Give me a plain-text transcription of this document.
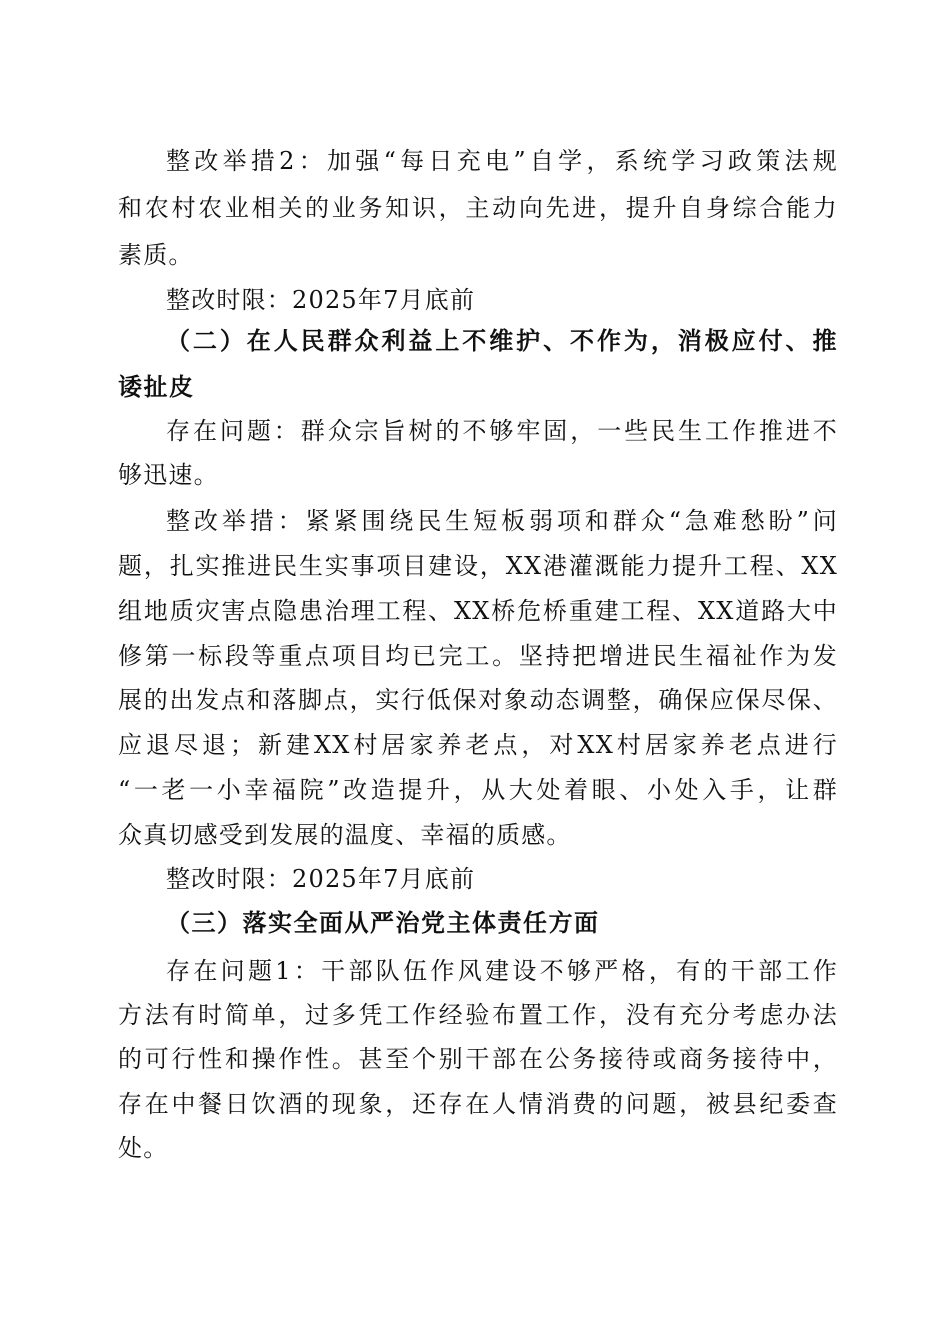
整改举措2：加强“每日充电”自学，系统学习政策法规
和农村农业相关的业务知识，主动向先进，提升自身综合能力
素质。
整改时限：2025年7月底前
（二）在人民群众利益上不维护、不作为，消极应付、推
诿扯皮
存在问题：群众宗旨树的不够牢固，一些民生工作推进不
够迅速。
整改举措：紧紧围绕民生短板弱项和群众“急难愁盼”问
题，扎实推进民生实事项目建设，XX港灌溉能力提升工程、XX
组地质灾害点隐患治理工程、XX桥危桥重建工程、XX道路大中
修第一标段等重点项目均已完工。坚持把增进民生福祉作为发
展的出发点和落脚点，实行低保对象动态调整，确保应保尽保、
应退尽退；新建XX村居家养老点，对XX村居家养老点进行
“一老一小幸福院”改造提升，从大处着眼、小处入手，让群
众真切感受到发展的温度、幸福的质感。
整改时限：2025年7月底前
（三）落实全面从严治党主体责任方面
存在问题1：干部队伍作风建设不够严格，有的干部工作
方法有时简单，过多凭工作经验布置工作，没有充分考虑办法
的可行性和操作性。甚至个别干部在公务接待或商务接待中，
存在中餐日饮酒的现象，还存在人情消费的问题，被县纪委查
处。
